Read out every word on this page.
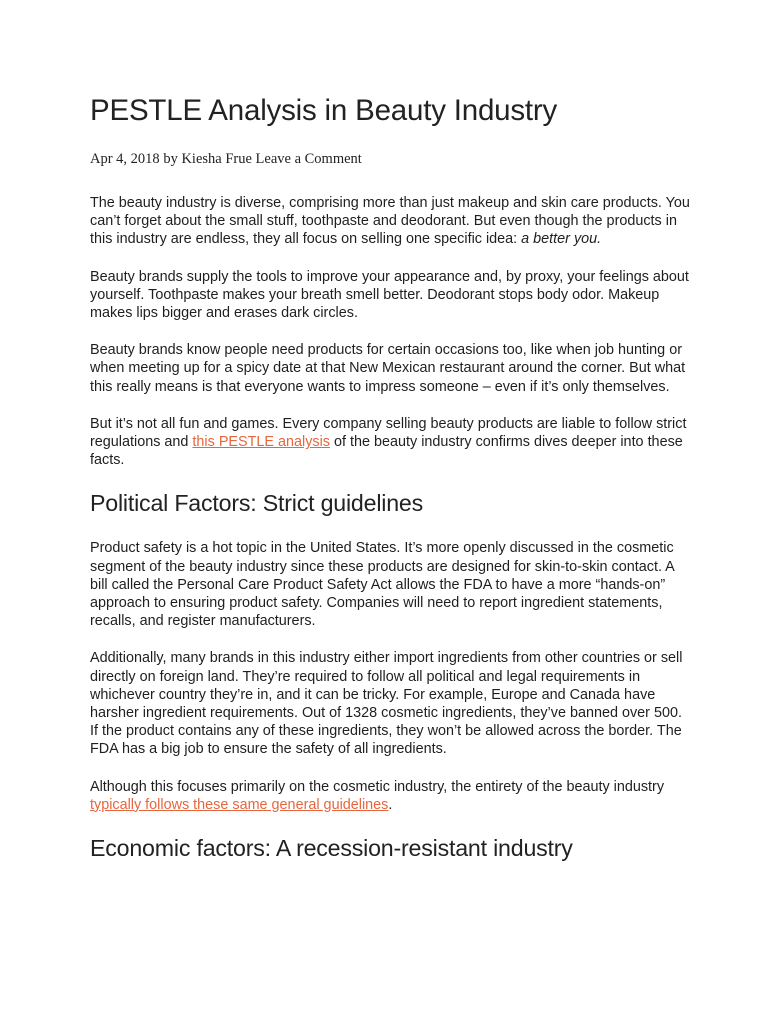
PESTLE Analysis in Beauty Industry
Apr 4, 2018 by Kiesha Frue Leave a Comment

The beauty industry is diverse, comprising more than just makeup and skin care products. You can’t forget about the small stuff, toothpaste and deodorant. But even though the products in this industry are endless, they all focus on selling one specific idea: a better you.

Beauty brands supply the tools to improve your appearance and, by proxy, your feelings about yourself. Toothpaste makes your breath smell better. Deodorant stops body odor. Makeup makes lips bigger and erases dark circles.

Beauty brands know people need products for certain occasions too, like when job hunting or when meeting up for a spicy date at that New Mexican restaurant around the corner. But what this really means is that everyone wants to impress someone – even if it’s only themselves.

But it’s not all fun and games. Every company selling beauty products are liable to follow strict regulations and this PESTLE analysis of the beauty industry confirms dives deeper into these facts.

Political Factors: Strict guidelines

Product safety is a hot topic in the United States. It’s more openly discussed in the cosmetic segment of the beauty industry since these products are designed for skin-to-skin contact. A bill called the Personal Care Product Safety Act allows the FDA to have a more “hands-on” approach to ensuring product safety. Companies will need to report ingredient statements, recalls, and register manufacturers.

Additionally, many brands in this industry either import ingredients from other countries or sell directly on foreign land. They’re required to follow all political and legal requirements in whichever country they’re in, and it can be tricky. For example, Europe and Canada have harsher ingredient requirements. Out of 1328 cosmetic ingredients, they’ve banned over 500. If the product contains any of these ingredients, they won’t be allowed across the border. The FDA has a big job to ensure the safety of all ingredients.

Although this focuses primarily on the cosmetic industry, the entirety of the beauty industry typically follows these same general guidelines.

Economic factors: A recession-resistant industry
